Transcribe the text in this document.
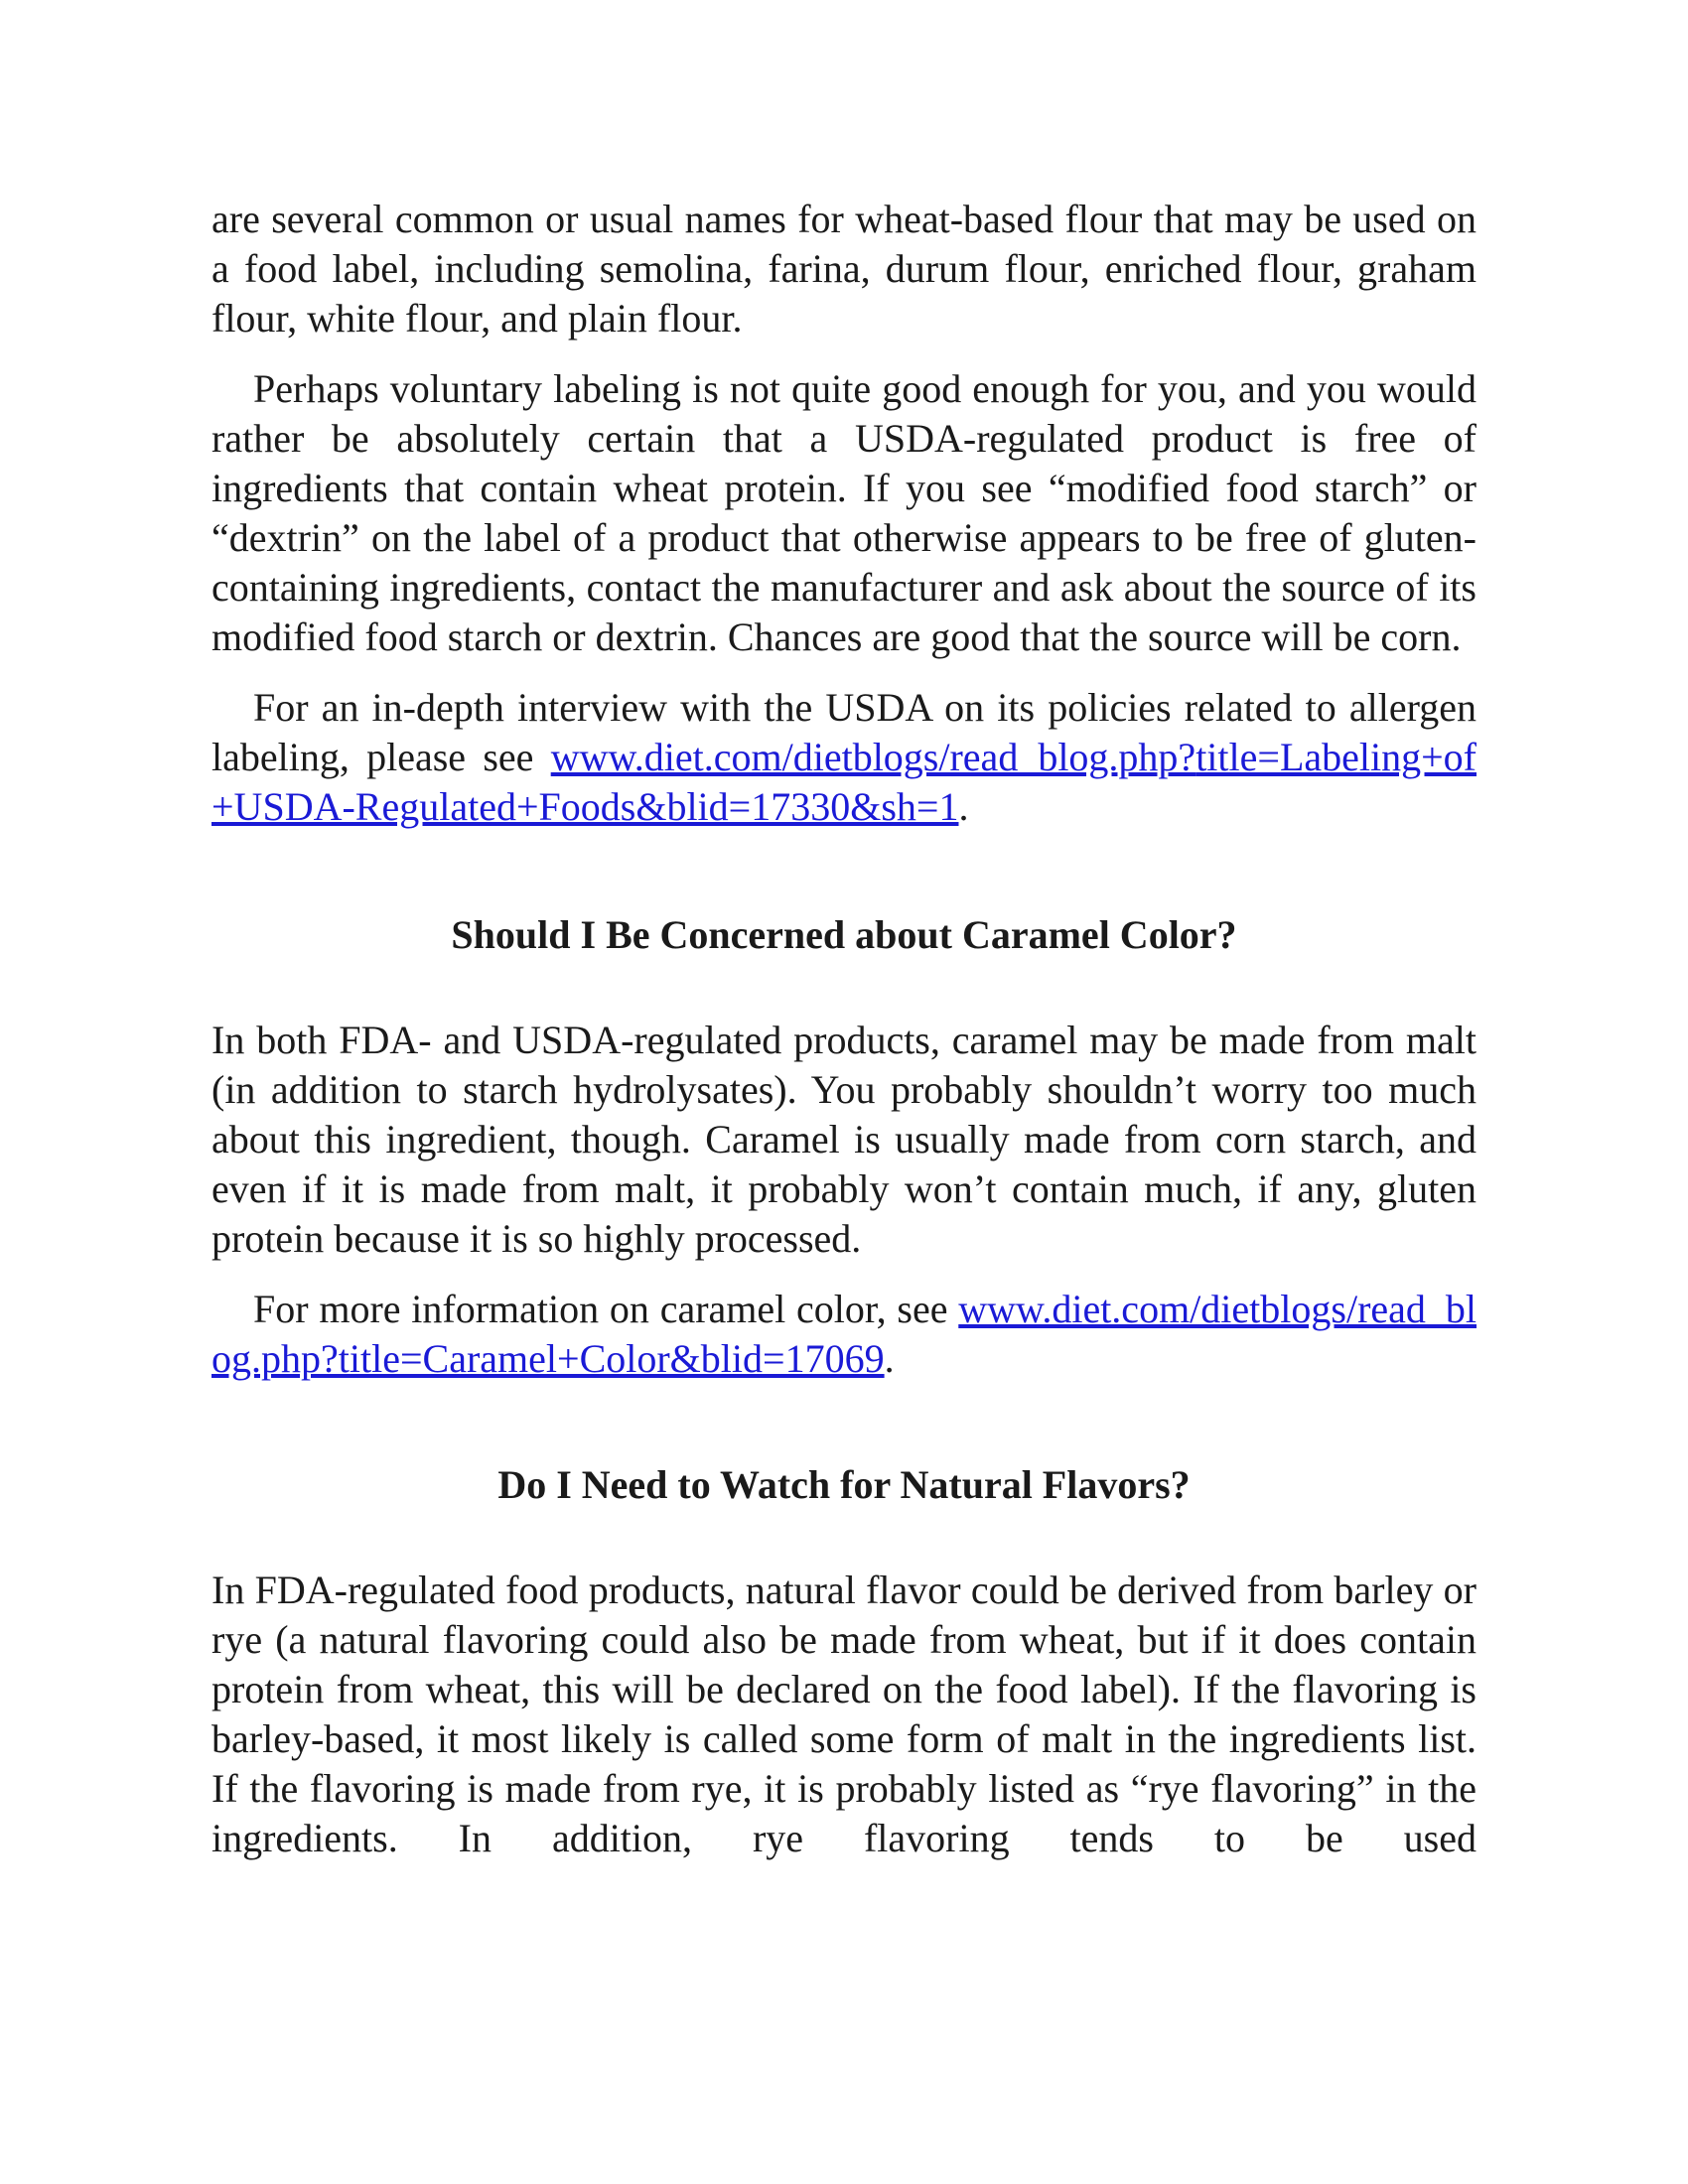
are several common or usual names for wheat-based flour that may be used on a food label, including semolina, farina, durum flour, enriched flour, graham flour, white flour, and plain flour.

Perhaps voluntary labeling is not quite good enough for you, and you would rather be absolutely certain that a USDA-regulated product is free of ingredients that contain wheat protein. If you see “modified food starch” or “dextrin” on the label of a product that otherwise appears to be free of gluten-containing ingredients, contact the manufacturer and ask about the source of its modified food starch or dextrin. Chances are good that the source will be corn.

For an in-depth interview with the USDA on its policies related to allergen labeling, please see www.diet.com/dietblogs/read_blog.php?title=Labeling+of+USDA-Regulated+Foods&blid=17330&sh=1.

Should I Be Concerned about Caramel Color?

In both FDA- and USDA-regulated products, caramel may be made from malt (in addition to starch hydrolysates). You probably shouldn’t worry too much about this ingredient, though. Caramel is usually made from corn starch, and even if it is made from malt, it probably won’t contain much, if any, gluten protein because it is so highly processed.

For more information on caramel color, see www.diet.com/dietblogs/read_blog.php?title=Caramel+Color&blid=17069.

Do I Need to Watch for Natural Flavors?

In FDA-regulated food products, natural flavor could be derived from barley or rye (a natural flavoring could also be made from wheat, but if it does contain protein from wheat, this will be declared on the food label). If the flavoring is barley-based, it most likely is called some form of malt in the ingredients list. If the flavoring is made from rye, it is probably listed as “rye flavoring” in the ingredients. In addition, rye flavoring tends to be used
